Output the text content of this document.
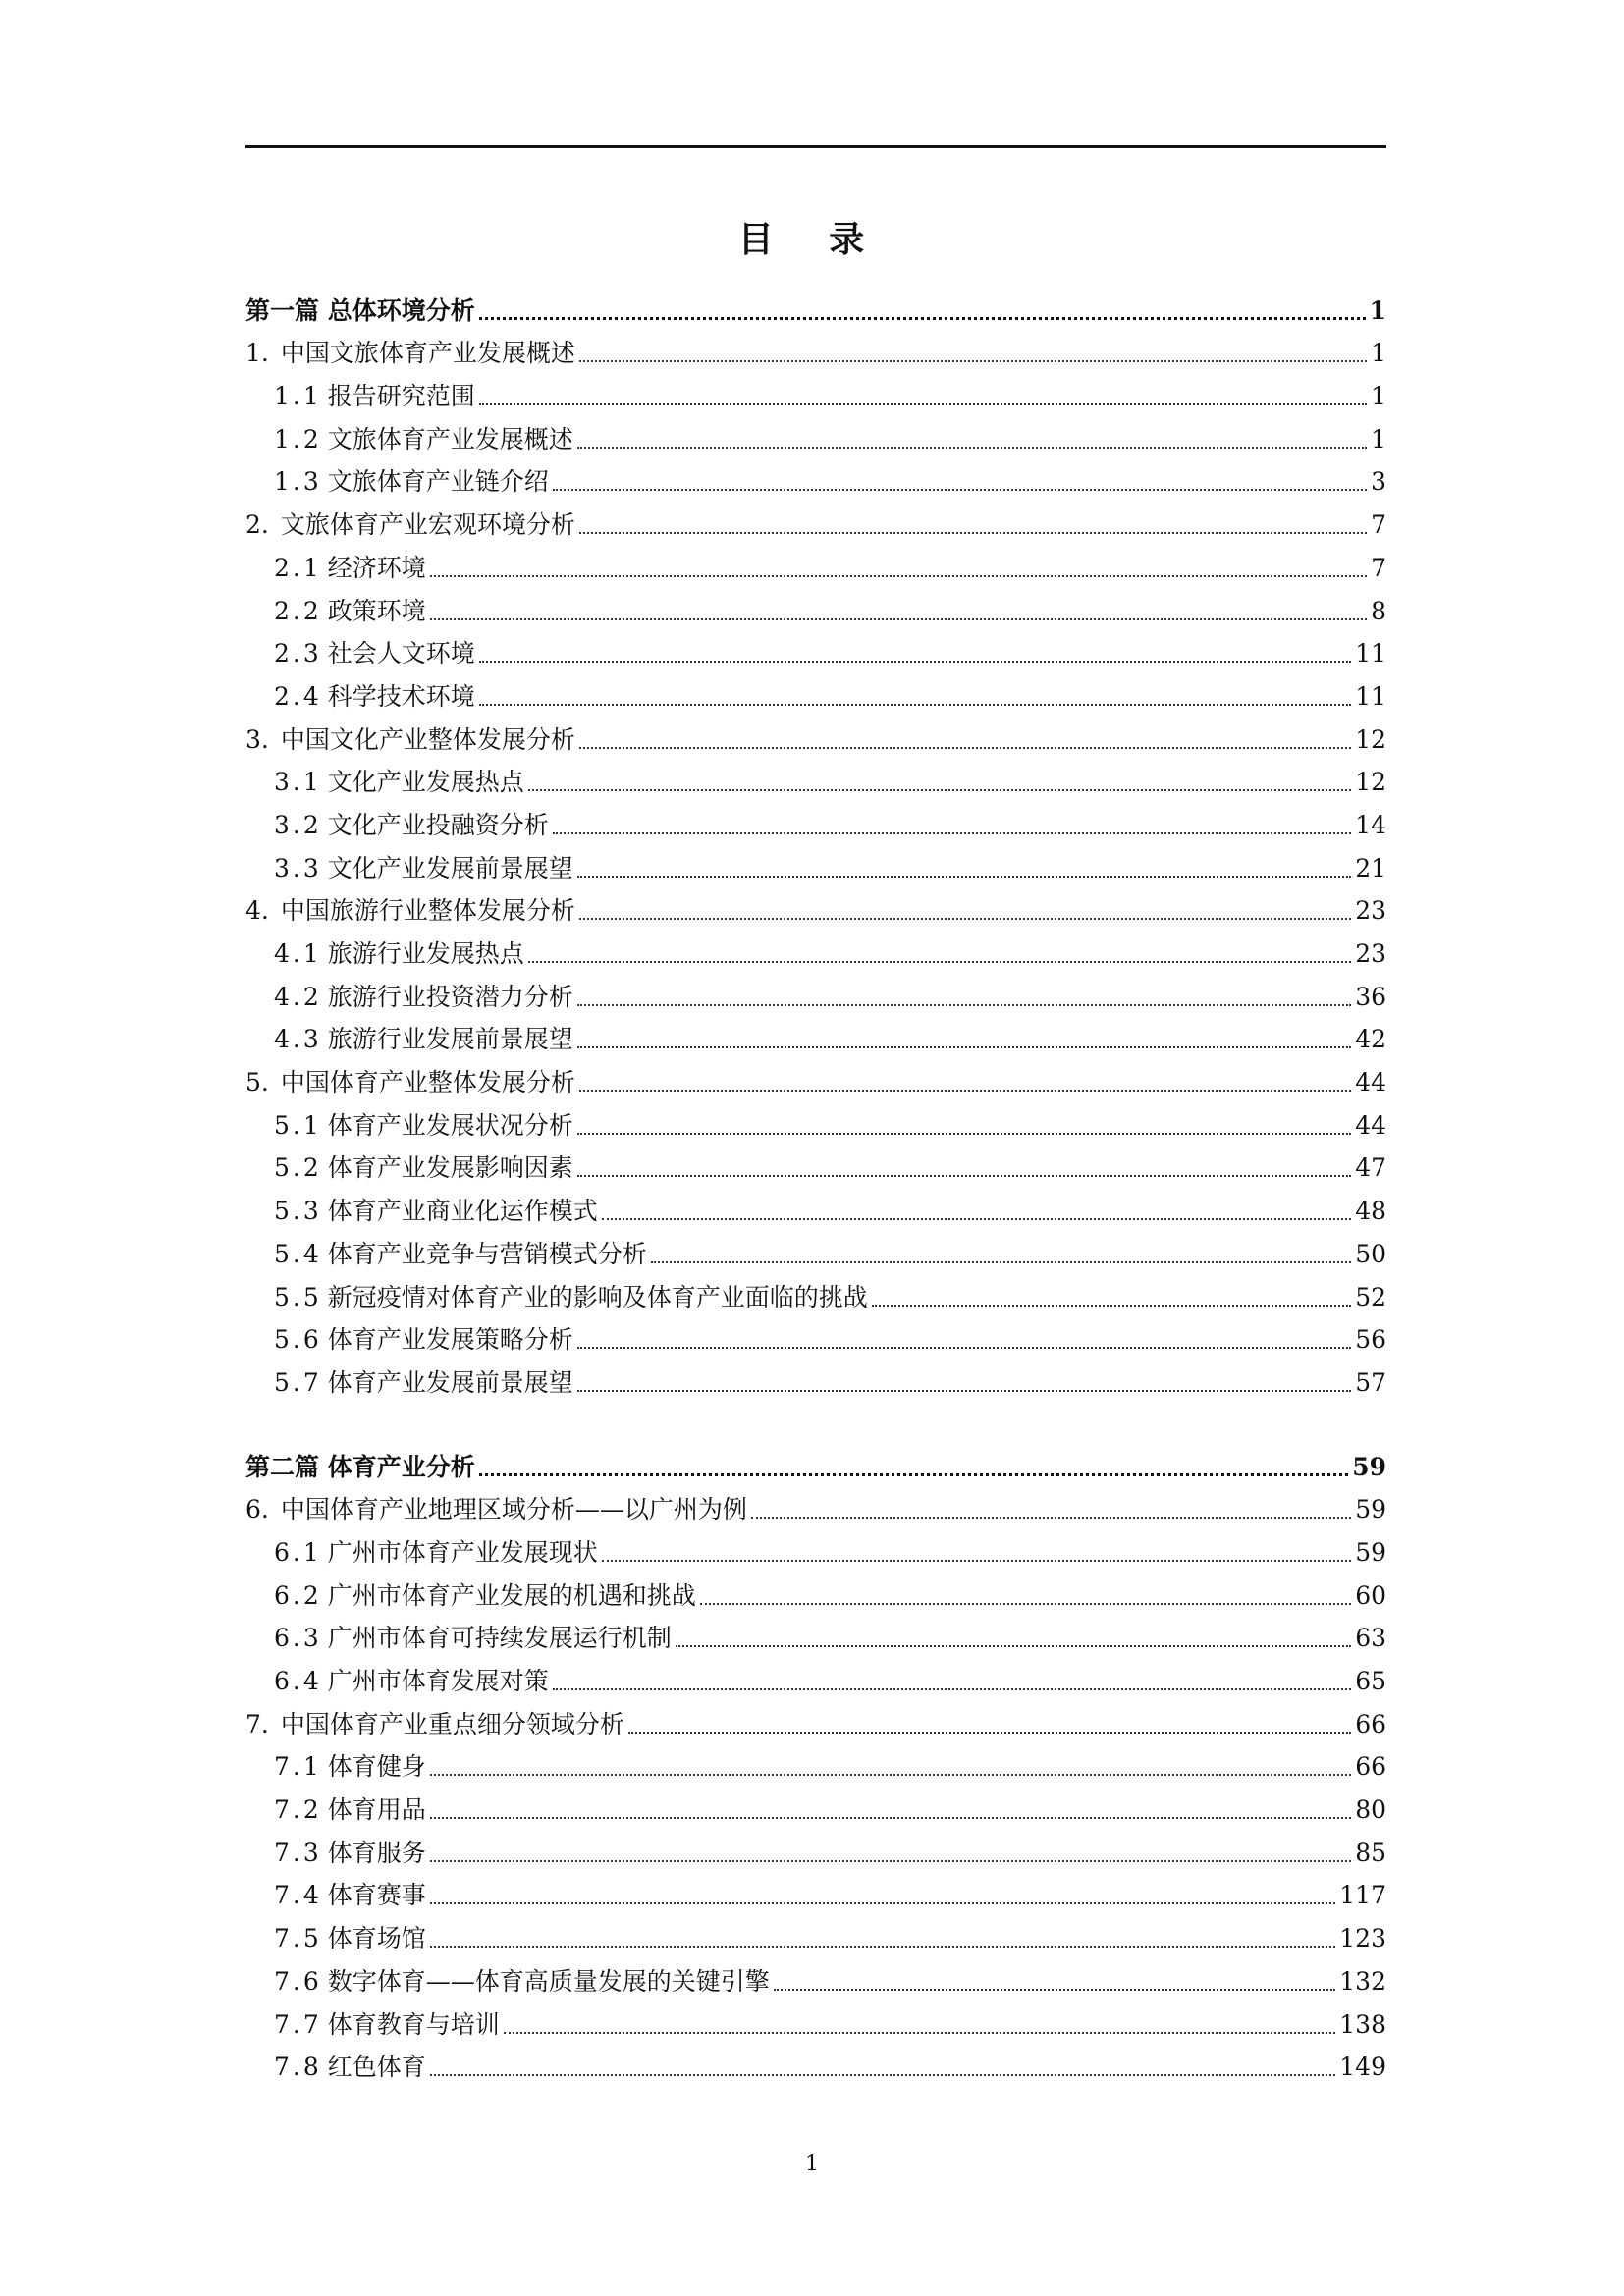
目 录
第一篇 总体环境分析	1
1. 中国文旅体育产业发展概述	1
1.1 报告研究范围	1
1.2 文旅体育产业发展概述	1
1.3 文旅体育产业链介绍	3
2. 文旅体育产业宏观环境分析	7
2.1 经济环境	7
2.2 政策环境	8
2.3 社会人文环境	11
2.4 科学技术环境	11
3. 中国文化产业整体发展分析	12
3.1 文化产业发展热点	12
3.2 文化产业投融资分析	14
3.3 文化产业发展前景展望	21
4. 中国旅游行业整体发展分析	23
4.1 旅游行业发展热点	23
4.2 旅游行业投资潜力分析	36
4.3 旅游行业发展前景展望	42
5. 中国体育产业整体发展分析	44
5.1 体育产业发展状况分析	44
5.2 体育产业发展影响因素	47
5.3 体育产业商业化运作模式	48
5.4 体育产业竞争与营销模式分析	50
5.5 新冠疫情对体育产业的影响及体育产业面临的挑战	52
5.6 体育产业发展策略分析	56
5.7 体育产业发展前景展望	57
第二篇 体育产业分析	59
6. 中国体育产业地理区域分析——以广州为例	59
6.1 广州市体育产业发展现状	59
6.2 广州市体育产业发展的机遇和挑战	60
6.3 广州市体育可持续发展运行机制	63
6.4 广州市体育发展对策	65
7. 中国体育产业重点细分领域分析	66
7.1 体育健身	66
7.2 体育用品	80
7.3 体育服务	85
7.4 体育赛事	117
7.5 体育场馆	123
7.6 数字体育——体育高质量发展的关键引擎	132
7.7 体育教育与培训	138
7.8 红色体育	149
1
